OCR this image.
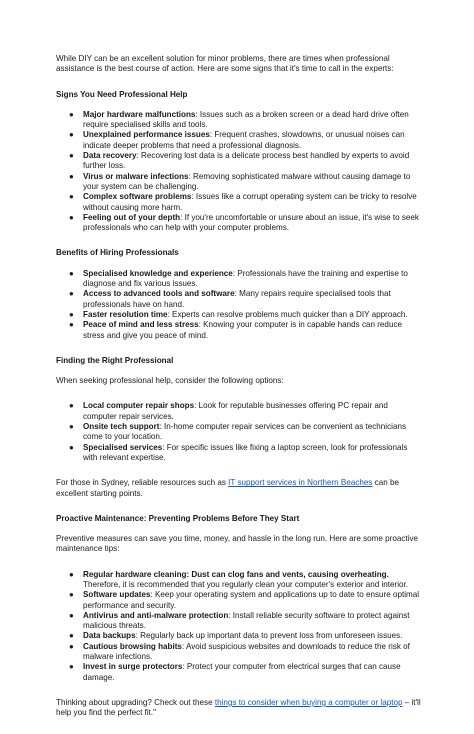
While DIY can be an excellent solution for minor problems, there are times when professional assistance is the best course of action. Here are some signs that it's time to call in the experts:

Signs You Need Professional Help

● Major hardware malfunctions: Issues such as a broken screen or a dead hard drive often require specialised skills and tools.
● Unexplained performance issues: Frequent crashes, slowdowns, or unusual noises can indicate deeper problems that need a professional diagnosis.
● Data recovery: Recovering lost data is a delicate process best handled by experts to avoid further loss.
● Virus or malware infections: Removing sophisticated malware without causing damage to your system can be challenging.
● Complex software problems: Issues like a corrupt operating system can be tricky to resolve without causing more harm.
● Feeling out of your depth: If you're uncomfortable or unsure about an issue, it's wise to seek professionals who can help with your computer problems.

Benefits of Hiring Professionals

● Specialised knowledge and experience: Professionals have the training and expertise to diagnose and fix various issues.
● Access to advanced tools and software: Many repairs require specialised tools that professionals have on hand.
● Faster resolution time: Experts can resolve problems much quicker than a DIY approach.
● Peace of mind and less stress: Knowing your computer is in capable hands can reduce stress and give you peace of mind.

Finding the Right Professional

When seeking professional help, consider the following options:

● Local computer repair shops: Look for reputable businesses offering PC repair and computer repair services.
● Onsite tech support: In-home computer repair services can be convenient as technicians come to your location.
● Specialised services: For specific issues like fixing a laptop screen, look for professionals with relevant expertise.

For those in Sydney, reliable resources such as IT support services in Northern Beaches can be excellent starting points.

Proactive Maintenance: Preventing Problems Before They Start

Preventive measures can save you time, money, and hassle in the long run. Here are some proactive maintenance tips:

● Regular hardware cleaning: Dust can clog fans and vents, causing overheating. Therefore, it is recommended that you regularly clean your computer's exterior and interior.
● Software updates: Keep your operating system and applications up to date to ensure optimal performance and security.
● Antivirus and anti-malware protection: Install reliable security software to protect against malicious threats.
● Data backups: Regularly back up important data to prevent loss from unforeseen issues.
● Cautious browsing habits: Avoid suspicious websites and downloads to reduce the risk of malware infections.
● Invest in surge protectors: Protect your computer from electrical surges that can cause damage.

Thinking about upgrading? Check out these things to consider when buying a computer or laptop – it'll help you find the perfect fit."
